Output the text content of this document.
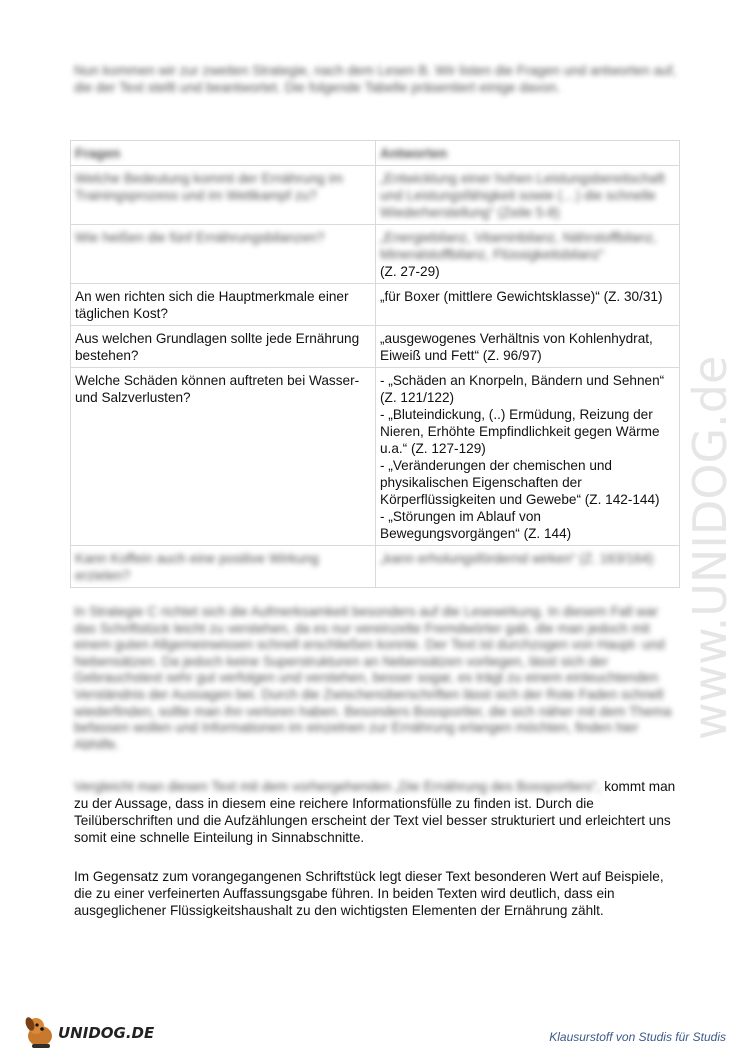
www.UNIDOG.de

Nun kommen wir zur zweiten Strategie, nach dem Lesen B. Wir listen die Fragen und antworten auf, die der Text stellt und beantwortet. Die folgende Tabelle präsentiert einige davon.

Fragen	Antworten
Welche Bedeutung kommt der Ernährung im Trainingsprozess und im Wettkampf zu?	„Entwicklung einer hohen Leistungsbereitschaft und Leistungsfähigkeit sowie (…) die schnelle Wiederherstellung“ (Zeile 5-8)
Wie heißen die fünf Ernährungsbilanzen?	„Energiebilanz, Vitaminbilanz, Nährstoffbilanz, Mineralstoffbilanz, Flüssigkeitsbilanz“
(Z. 27-29)

An wen richten sich die Hauptmerkmale einer täglichen Kost?	„für Boxer (mittlere Gewichtsklasse)“ (Z. 30/31)
Aus welchen Grundlagen sollte jede Ernährung bestehen?	„ausgewogenes Verhältnis von Kohlenhydrat, Eiweiß und Fett“ (Z. 96/97)
Welche Schäden können auftreten bei Wasser- und Salzverlusten?	- „Schäden an Knorpeln, Bändern und Sehnen“ (Z. 121/122)
- „Bluteindickung, (..) Ermüdung, Reizung der Nieren, Erhöhte Empfindlichkeit gegen Wärme u.a.“ (Z. 127-129)
- „Veränderungen der chemischen und physikalischen Eigenschaften der Körperflüssigkeiten und Gewebe“ (Z. 142-144)
- „Störungen im Ablauf von Bewegungsvorgängen“ (Z. 144)

Kann Koffein auch eine positive Wirkung erzielen?	„kann erholungsfördernd wirken“ (Z. 163/164)

In Strategie C richtet sich die Aufmerksamkeit besonders auf die Lesewirkung. In diesem Fall war das Schriftstück leicht zu verstehen, da es nur vereinzelte Fremdwörter gab, die man jedoch mit einem guten Allgemeinwissen schnell erschließen konnte. Der Text ist durchzogen von Haupt- und Nebensätzen. Da jedoch keine Superstrukturen an Nebensätzen vorliegen, lässt sich der Gebrauchstext sehr gut verfolgen und verstehen, besser sogar, es trägt zu einem einleuchtenden Verständnis der Aussagen bei. Durch die Zwischenüberschriften lässt sich der Rote Faden schnell wiederfinden, sollte man ihn verloren haben. Besonders Bossportler, die sich näher mit dem Thema befassen wollen und Informationen im einzelnen zur Ernährung erlangen möchten, finden hier Abhilfe.

Vergleicht man diesen Text mit dem vorhergehenden „Die Ernährung des Bossportlers“, kommt man zu der Aussage, dass in diesem eine reichere Informationsfülle zu finden ist. Durch die Teilüberschriften und die Aufzählungen erscheint der Text viel besser strukturiert und erleichtert uns somit eine schnelle Einteilung in Sinnabschnitte.

Im Gegensatz zum vorangegangenen Schriftstück legt dieser Text besonderen Wert auf Beispiele, die zu einer verfeinerten Auffassungsgabe führen. In beiden Texten wird deutlich, dass ein ausgeglichener Flüssigkeitshaushalt zu den wichtigsten Elementen der Ernährung zählt.

UNIDOG.DE	Klausurstoff von Studis für Studis
